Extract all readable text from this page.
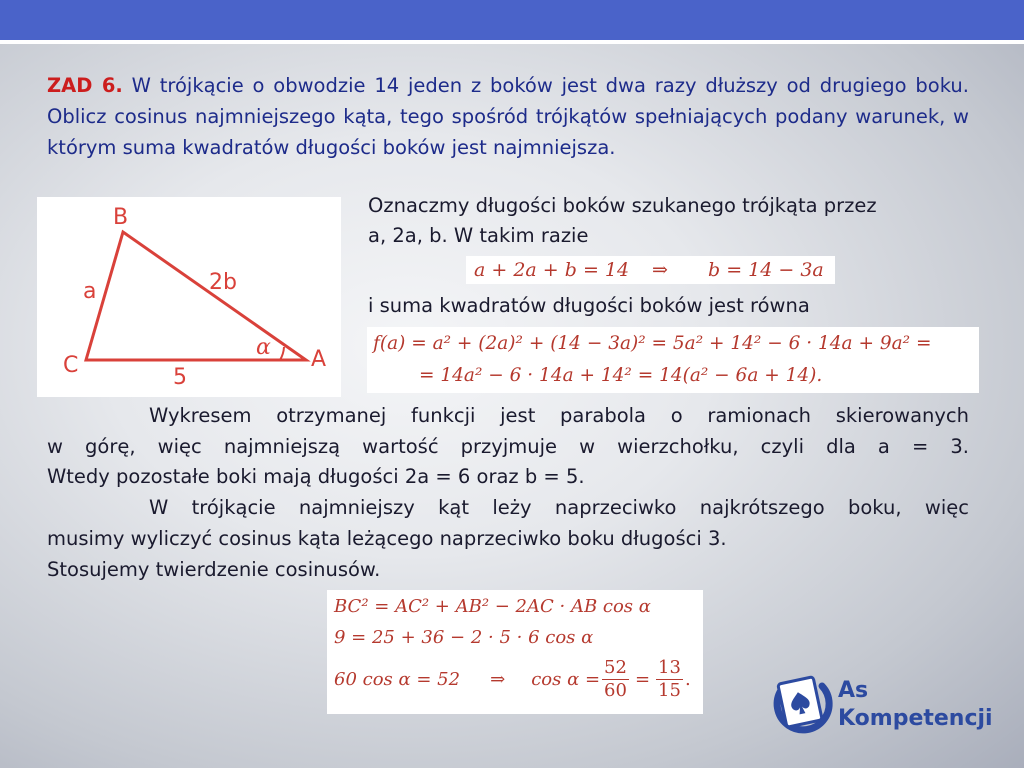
ZAD 6. W trójkącie o obwodzie 14 jeden z boków jest dwa razy dłuższy od drugiego boku. Oblicz cosinus najmniejszego kąta, tego spośród trójkątów spełniających podany warunek, w którym suma kwadratów długości boków jest najmniejsza.
B
C	A
a	2b
5
α
Oznaczmy długości boków szukanego trójkąta przez
a, 2a, b. W takim razie
a + 2a + b = 14 ⇒ b = 14 − 3a
i suma kwadratów długości boków jest równa
f(a) = a² + (2a)² + (14 − 3a)² = 5a² + 14² − 6 · 14a + 9a² =
= 14a² − 6 · 14a + 14² = 14(a² − 6a + 14).
Wykresem otrzymanej funkcji jest parabola o ramionach skierowanych
w górę, więc najmniejszą wartość przyjmuje w wierzchołku, czyli dla a = 3.
Wtedy pozostałe boki mają długości 2a = 6 oraz b = 5.
W trójkącie najmniejszy kąt leży naprzeciwko najkrótszego boku, więc
musimy wyliczyć cosinus kąta leżącego naprzeciwko boku długości 3.
Stosujemy twierdzenie cosinusów.
BC² = AC² + AB² − 2AC · AB cos α
9 = 25 + 36 − 2 · 5 · 6 cos α
60 cos α = 52 ⇒ $\cos \alpha = \frac{52}{60} = \frac{13}{15}$ .	As
Kompetencji
